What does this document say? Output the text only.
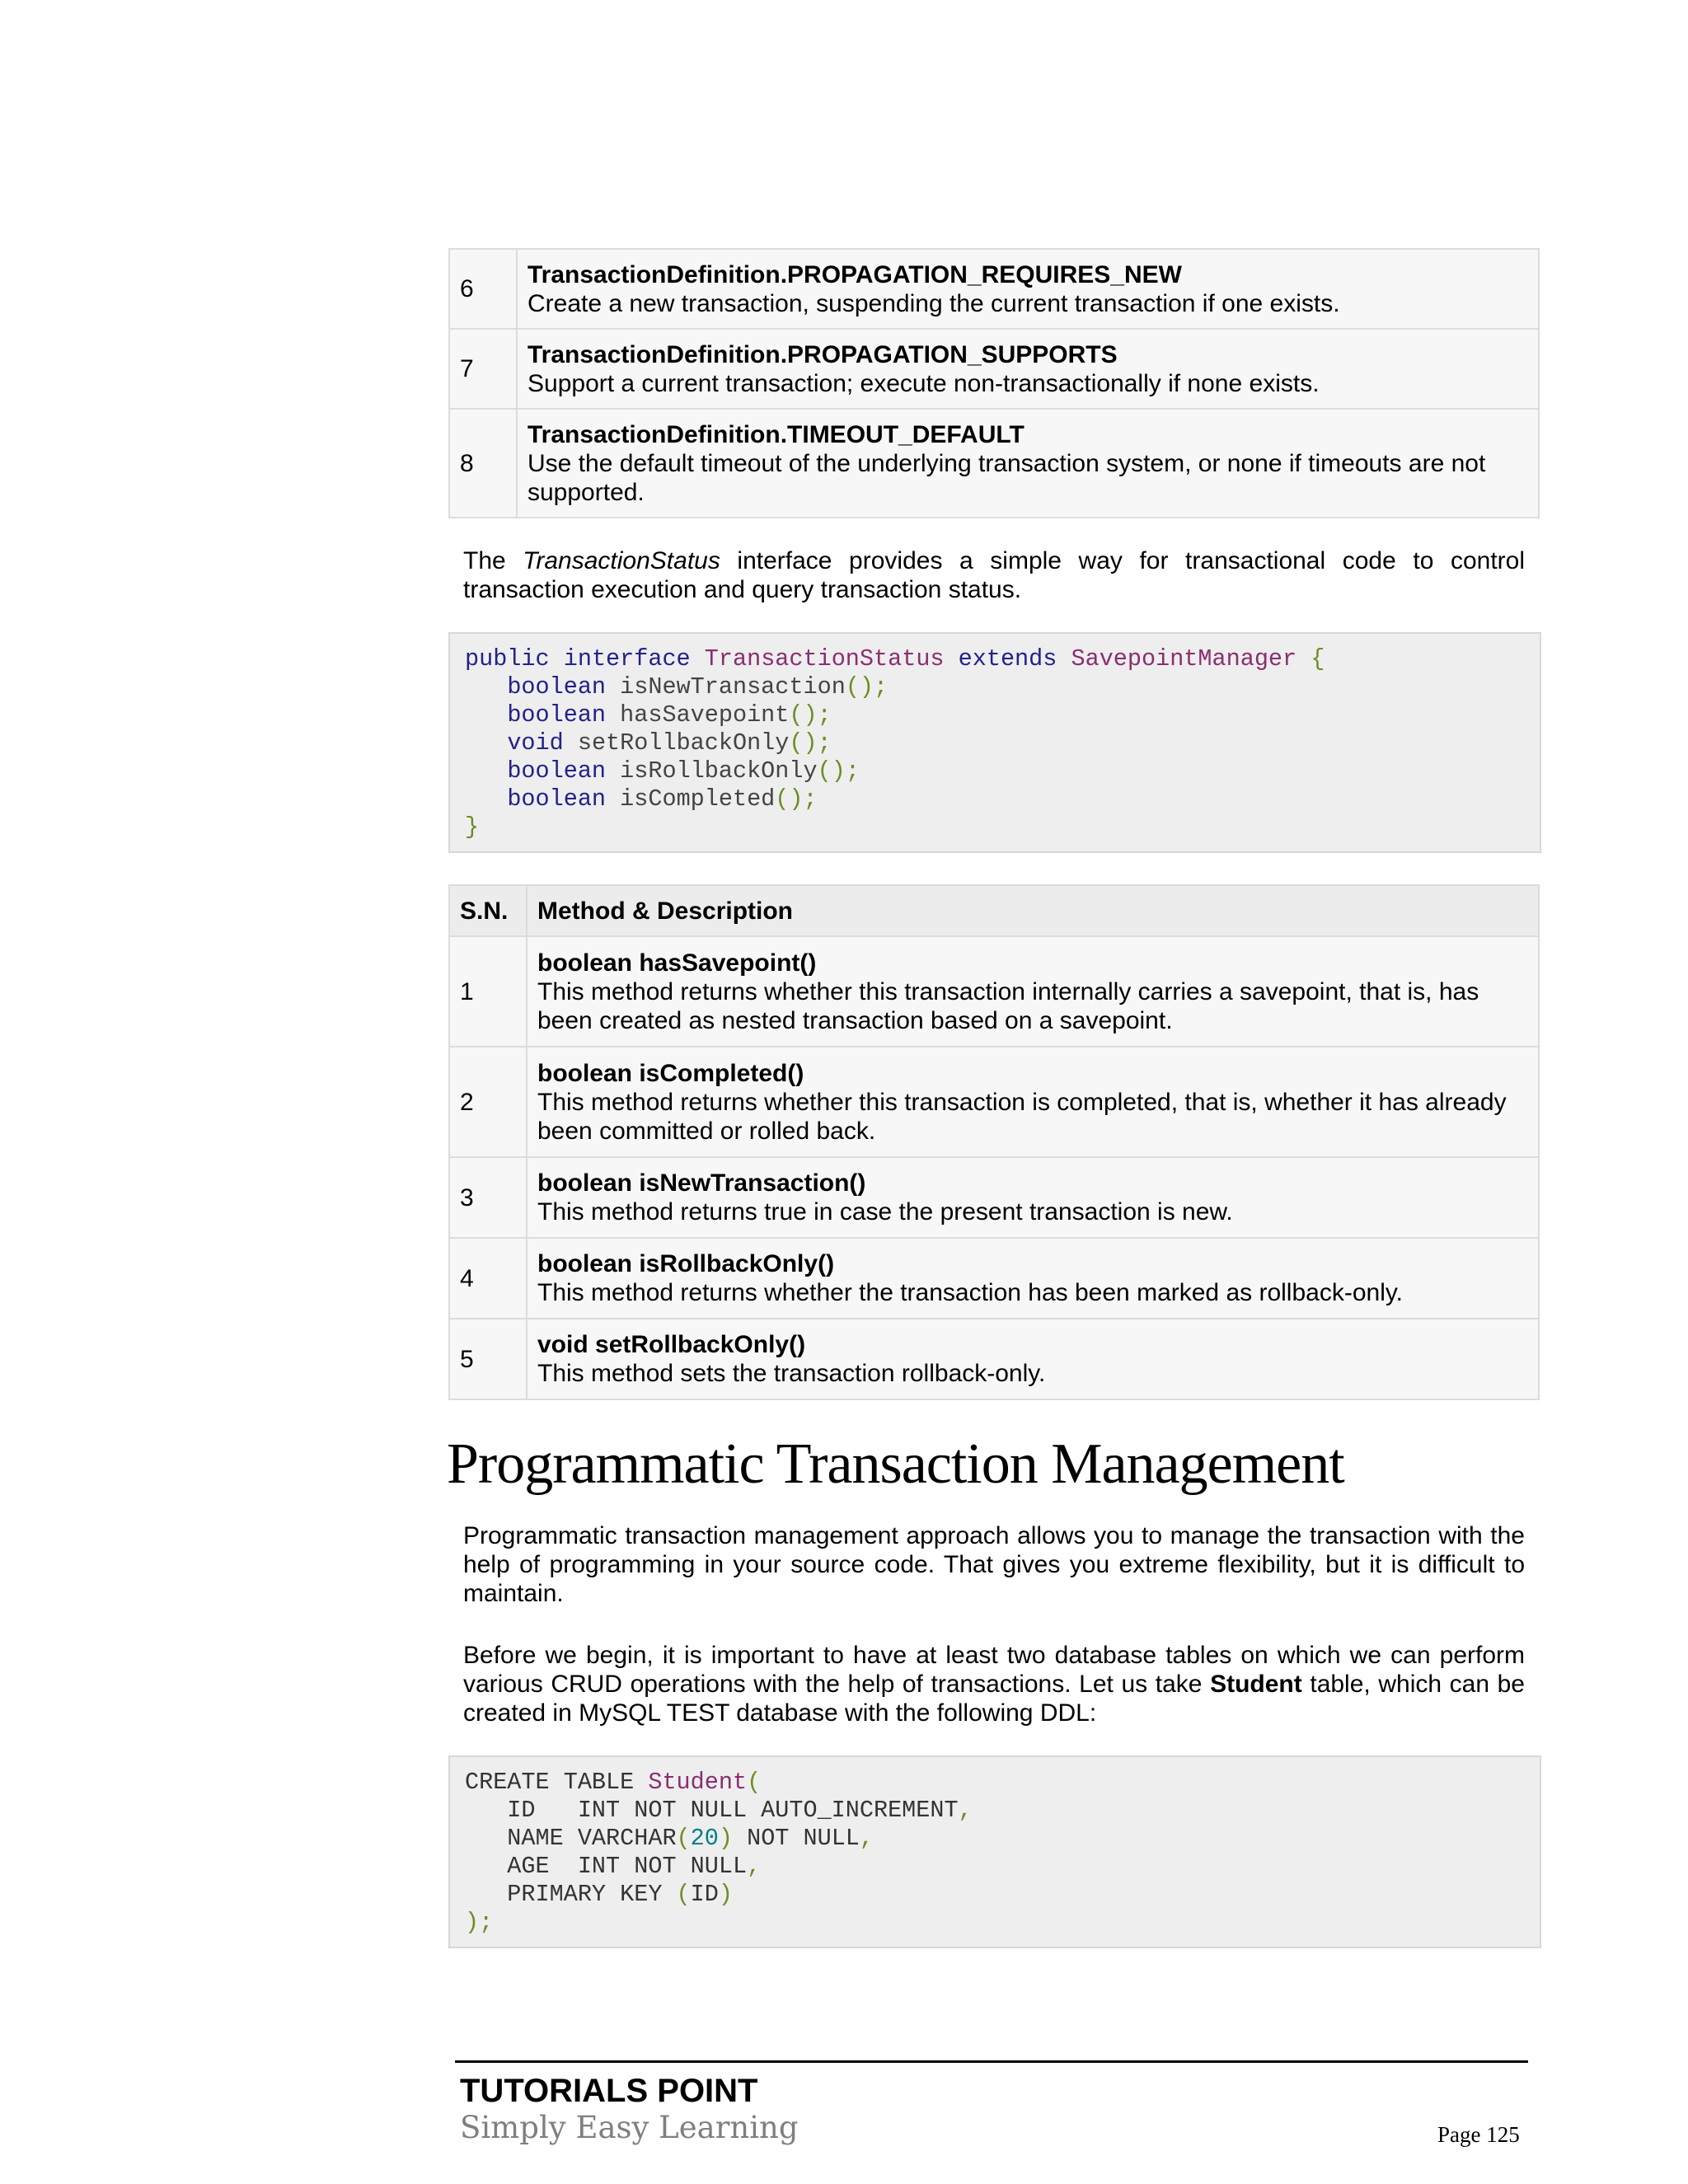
6	TransactionDefinition.PROPAGATION_REQUIRES_NEW
Create a new transaction, suspending the current transaction if one exists.

7	TransactionDefinition.PROPAGATION_SUPPORTS
Support a current transaction; execute non-transactionally if none exists.

8	TransactionDefinition.TIMEOUT_DEFAULT
Use the default timeout of the underlying transaction system, or none if timeouts are not supported.

The TransactionStatus interface provides a simple way for transactional code to control transaction execution and query transaction status.

public interface TransactionStatus extends SavepointManager {
boolean isNewTransaction();
boolean hasSavepoint();
void setRollbackOnly();
boolean isRollbackOnly();
boolean isCompleted();
}
S.N.	Method & Description
1	boolean hasSavepoint()
This method returns whether this transaction internally carries a savepoint, that is, has been created as nested transaction based on a savepoint.

2	boolean isCompleted()
This method returns whether this transaction is completed, that is, whether it has already been committed or rolled back.

3	boolean isNewTransaction()
This method returns true in case the present transaction is new.

4	boolean isRollbackOnly()
This method returns whether the transaction has been marked as rollback-only.

5	void setRollbackOnly()
This method sets the transaction rollback-only.
Programmatic Transaction Management

Programmatic transaction management approach allows you to manage the transaction with the help of programming in your source code. That gives you extreme flexibility, but it is difficult to maintain.

Before we begin, it is important to have at least two database tables on which we can perform various CRUD operations with the help of transactions. Let us take Student table, which can be created in MySQL TEST database with the following DDL:

CREATE TABLE Student(
ID   INT NOT NULL AUTO_INCREMENT,
NAME VARCHAR(20) NOT NULL,
AGE  INT NOT NULL,
PRIMARY KEY (ID)
);
TUTORIALS POINT
Simply Easy Learning	Page 125
